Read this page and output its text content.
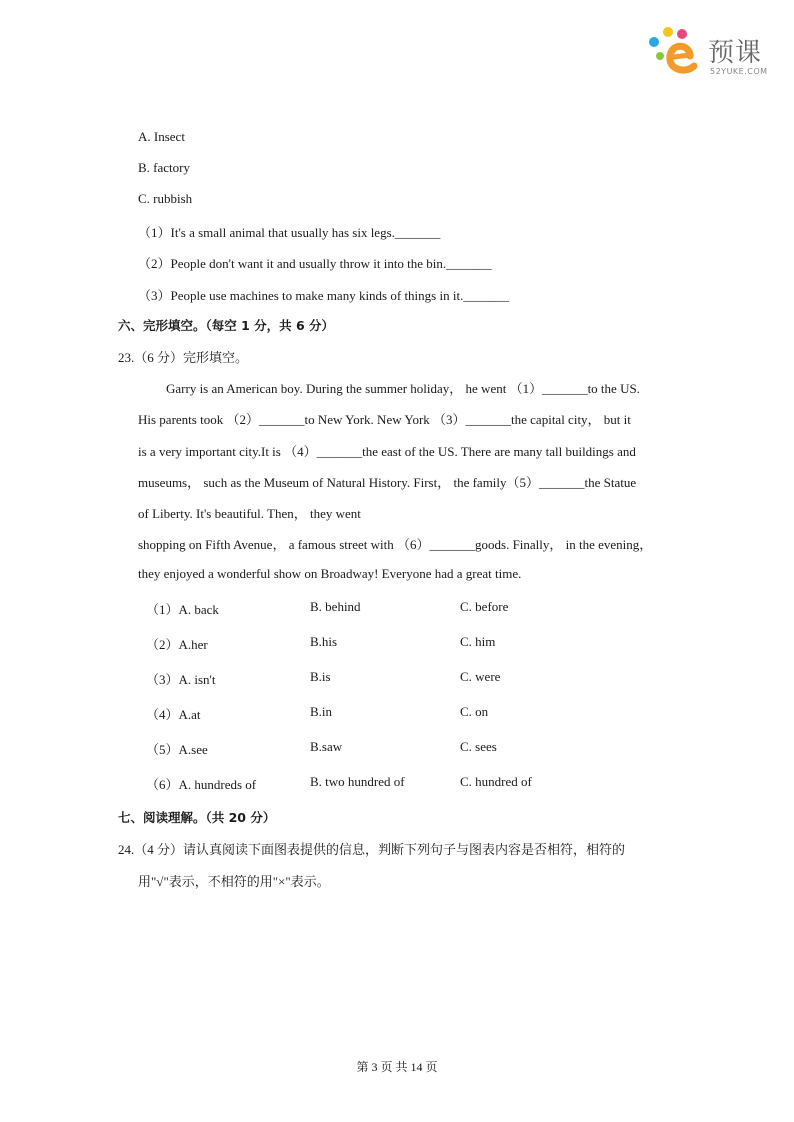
预课
52YUKE.COM
A. Insect
B. factory
C. rubbish
（1）It's a small animal that usually has six legs._______
（2）People don't want it and usually throw it into the bin._______
（3）People use machines to make many kinds of things in it._______
六、完形填空。（每空 1 分，共 6 分）
23.（6 分）完形填空。
Garry is an American boy. During the summer holiday， he went （1）_______to the US.
His parents took （2）_______to New York. New York （3）_______the capital city， but it
is a very important city.It is （4）_______the east of the US. There are many tall buildings and
museums， such as the Museum of Natural History. First， the family（5）_______the Statue
of Liberty. It's beautiful. Then， they went
shopping on Fifth Avenue， a famous street with （6）_______goods. Finally， in the evening，
they enjoyed a wonderful show on Broadway! Everyone had a great time.
（1）A. back	B. behind	C. before
（2）A.her	B.his	C. him
（3）A. isn't	B.is	C. were
（4）A.at	B.in	C. on
（5）A.see	B.saw	C. sees
（6）A. hundreds of	B. two hundred of	C. hundred of
七、阅读理解。（共 20 分）
24.（4 分）请认真阅读下面图表提供的信息，判断下列句子与图表内容是否相符，相符的
用"√"表示，不相符的用"×"表示。
第 3 页 共 14 页
